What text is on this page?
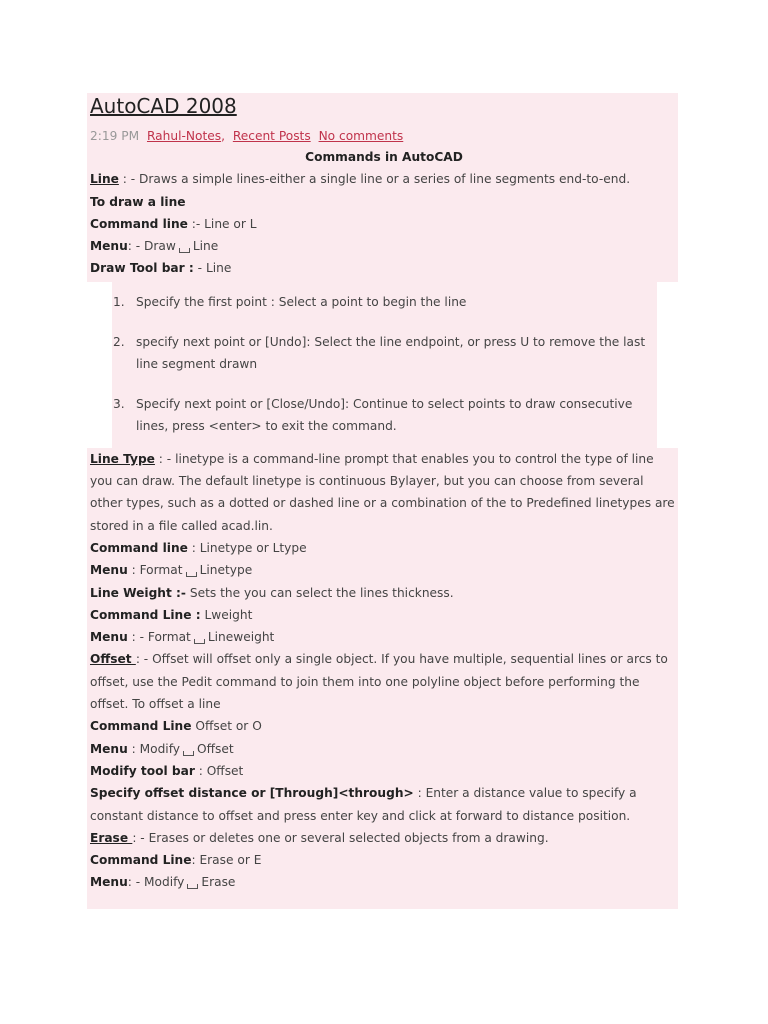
AutoCAD 2008
2:19 PM Rahul-Notes, Recent Posts No comments
Commands in AutoCAD
Line : - Draws a simple lines-either a single line or a series of line segments end-to-end.
To draw a line
Command line :- Line or L
Menu: - Draw Line
Draw Tool bar : - Line
1. Specify the first point : Select a point to begin the line
2. specify next point or [Undo]: Select the line endpoint, or press U to remove the last line segment drawn
3. Specify next point or [Close/Undo]: Continue to select points to draw consecutive lines, press <enter> to exit the command.
Line Type : - linetype is a command-line prompt that enables you to control the type of line you can draw. The default linetype is continuous Bylayer, but you can choose from several other types, such as a dotted or dashed line or a combination of the to Predefined linetypes are stored in a file called acad.lin.
Command line : Linetype or Ltype
Menu : Format Linetype
Line Weight :- Sets the you can select the lines thickness.
Command Line : Lweight
Menu : - Format Lineweight
Offset : - Offset will offset only a single object. If you have multiple, sequential lines or arcs to offset, use the Pedit command to join them into one polyline object before performing the offset. To offset a line
Command Line Offset or O
Menu : Modify Offset
Modify tool bar : Offset
Specify offset distance or [Through]<through> : Enter a distance value to specify a constant distance to offset and press enter key and click at forward to distance position.
Erase : - Erases or deletes one or several selected objects from a drawing.
Command Line: Erase or E
Menu: - Modify Erase
